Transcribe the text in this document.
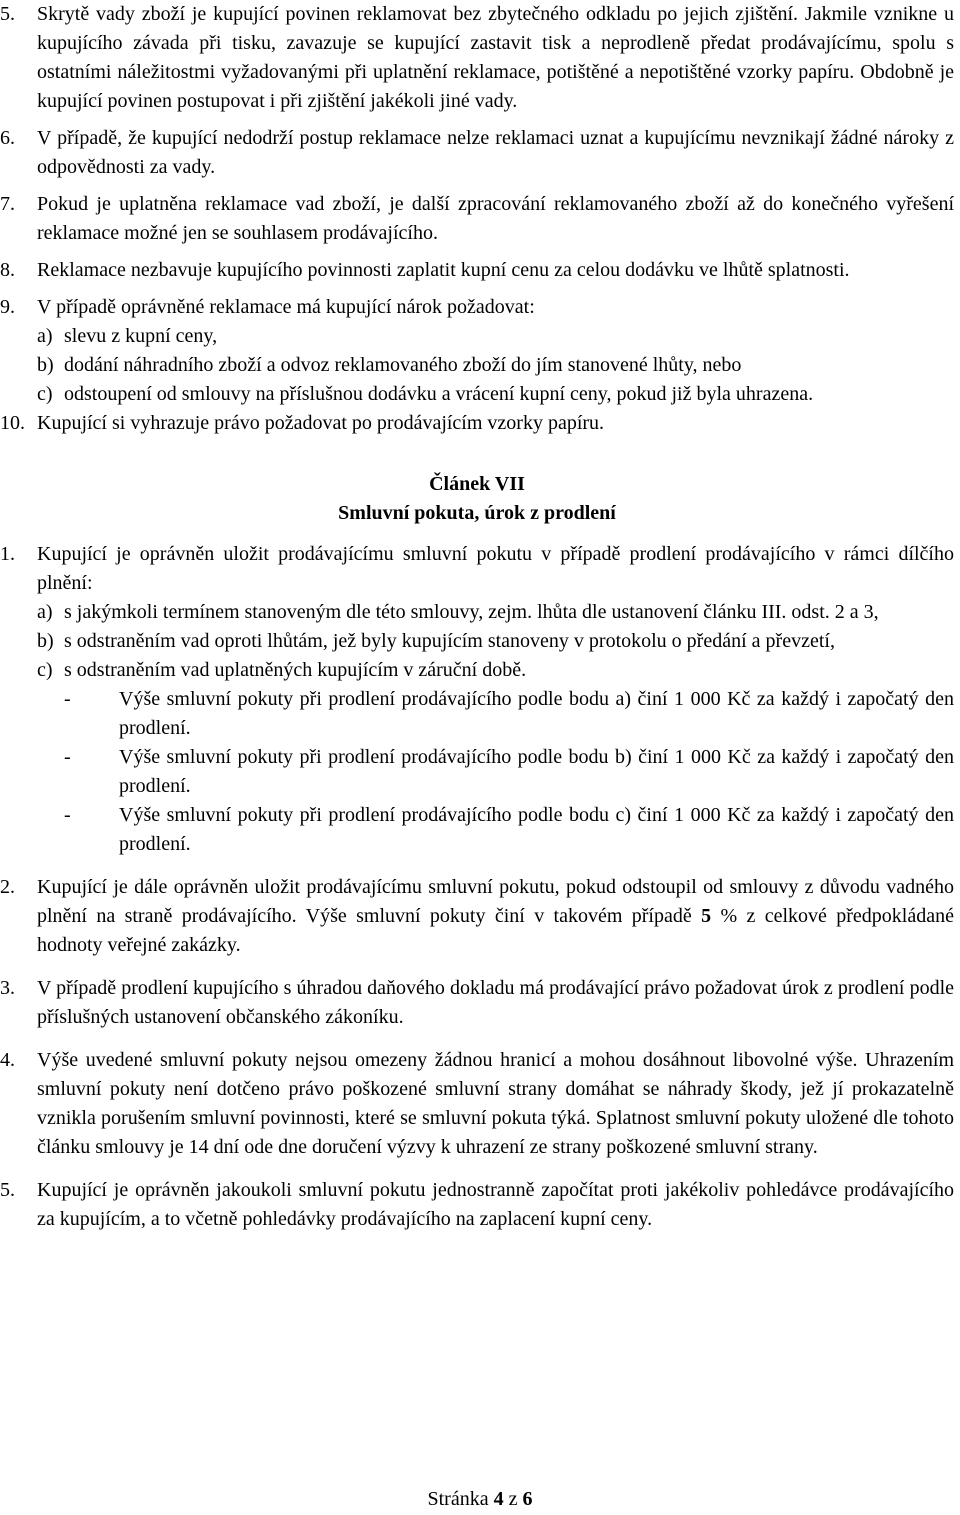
5.	Skrytě vady zboží je kupující povinen reklamovat bez zbytečného odkladu po jejich zjištění. Jakmile vznikne u kupujícího závada při tisku, zavazuje se kupující zastavit tisk a neprodleně předat prodávajícímu, spolu s ostatními náležitostmi vyžadovanými při uplatnění reklamace, potištěné a nepotištěné vzorky papíru. Obdobně je kupující povinen postupovat i při zjištění jakékoli jiné vady.
6.	V případě, že kupující nedodrží postup reklamace nelze reklamaci uznat a kupujícímu nevznikají žádné nároky z odpovědnosti za vady.
7.	Pokud je uplatněna reklamace vad zboží, je další zpracování reklamovaného zboží až do konečného vyřešení reklamace možné jen se souhlasem prodávajícího.
8.	Reklamace nezbavuje kupujícího povinnosti zaplatit kupní cenu za celou dodávku ve lhůtě splatnosti.
9.	V případě oprávněné reklamace má kupující nárok požadovat:
a) slevu z kupní ceny,
b) dodání náhradního zboží a odvoz reklamovaného zboží do jím stanovené lhůty, nebo
c) odstoupení od smlouvy na příslušnou dodávku a vrácení kupní ceny, pokud již byla uhrazena.
10. Kupující si vyhrazuje právo požadovat po prodávajícím vzorky papíru.
Článek VII
Smluvní pokuta, úrok z prodlení
1.	Kupující je oprávněn uložit prodávajícímu smluvní pokutu v případě prodlení prodávajícího v rámci dílčího plnění:
a) s jakýmkoli termínem stanoveným dle této smlouvy, zejm. lhůta dle ustanovení článku III. odst. 2 a 3,
b) s odstraněním vad oproti lhůtám, jež byly kupujícím stanoveny v protokolu o předání a převzetí,
c) s odstraněním vad uplatněných kupujícím v záruční době.
-	Výše smluvní pokuty při prodlení prodávajícího podle bodu a) činí 1 000 Kč za každý i započatý den prodlení.
-	Výše smluvní pokuty při prodlení prodávajícího podle bodu b) činí 1 000 Kč za každý i započatý den prodlení.
-	Výše smluvní pokuty při prodlení prodávajícího podle bodu c) činí 1 000 Kč za každý i započatý den prodlení.
2.	Kupující je dále oprávněn uložit prodávajícímu smluvní pokutu, pokud odstoupil od smlouvy z důvodu vadného plnění na straně prodávajícího. Výše smluvní pokuty činí v takovém případě 5 % z celkové předpokládané hodnoty veřejné zakázky.
3.	V případě prodlení kupujícího s úhradou daňového dokladu má prodávající právo požadovat úrok z prodlení podle příslušných ustanovení občanského zákoníku.
4.	Výše uvedené smluvní pokuty nejsou omezeny žádnou hranicí a mohou dosáhnout libovolné výše. Uhrazením smluvní pokuty není dotčeno právo poškozené smluvní strany domáhat se náhrady škody, jež jí prokazatelně vznikla porušením smluvní povinnosti, které se smluvní pokuta týká. Splatnost smluvní pokuty uložené dle tohoto článku smlouvy je 14 dní ode dne doručení výzvy k uhrazení ze strany poškozené smluvní strany.
5.	Kupující je oprávněn jakoukoli smluvní pokutu jednostranně započítat proti jakékoliv pohledávce prodávajícího za kupujícím, a to včetně pohledávky prodávajícího na zaplacení kupní ceny.
Stránka 4 z 6
